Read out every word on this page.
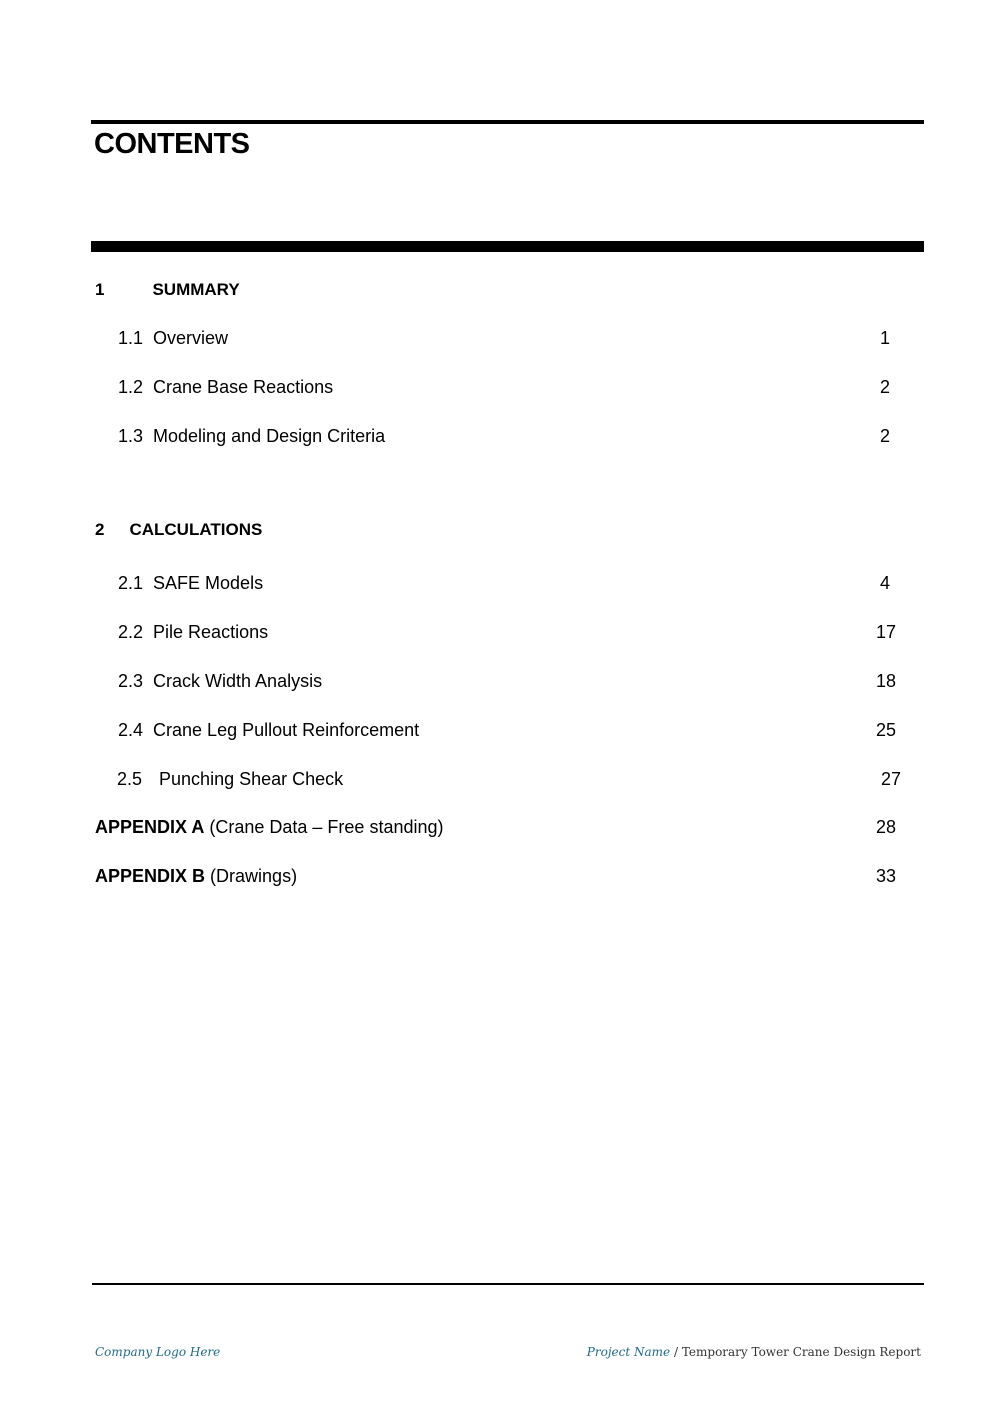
CONTENTS
1	SUMMARY
1.1 Overview	1
1.2 Crane Base Reactions	2
1.3 Modeling and Design Criteria	2
2 CALCULATIONS
2.1 SAFE Models	4
2.2 Pile Reactions	17
2.3 Crack Width Analysis	18
2.4 Crane Leg Pullout Reinforcement	25
2.5 Punching Shear Check	27
APPENDIX A (Crane Data – Free standing)	28
APPENDIX B (Drawings)	33
Company Logo Here	Project Name / Temporary Tower Crane Design Report
